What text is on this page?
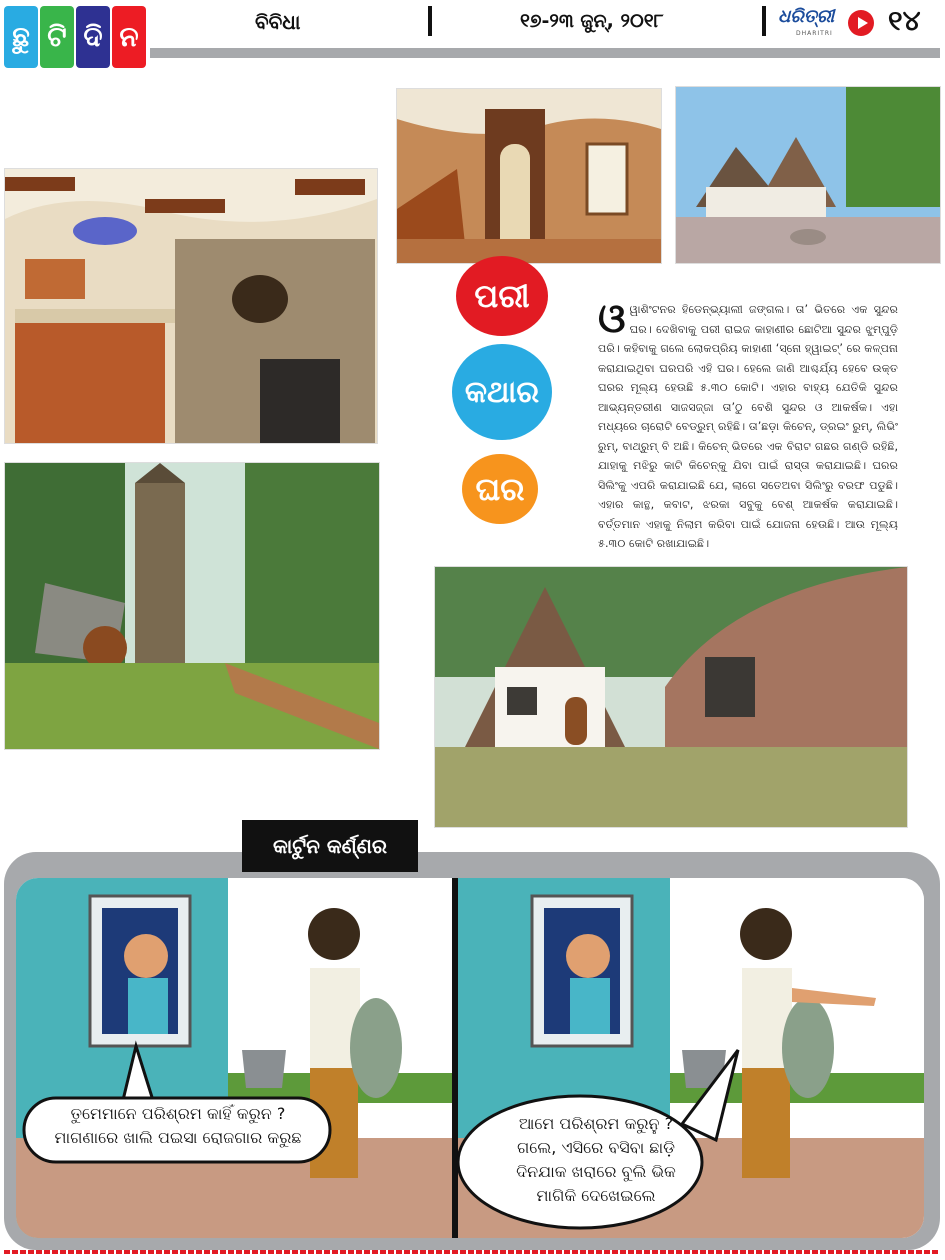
ଛୁ ଟି ଦି ନ	ବିବିଧା	୧୭-୨୩ ଜୁନ୍, ୨୦୧୮	ଧରିତ୍ରୀ
DHARITRI ୧୪
ପରୀ
କଥାର
ଘର
ଓ ୱାଶିଂଟନର ହିଡେନ୍‌ଭ୍ୟାଲୀ ଜଙ୍ଗଲ। ତା’ ଭିତରେ ଏକ ସୁନ୍ଦର ଘର। ଦେଖିବାକୁ ପରୀ ରାଇଜ କାହାଣୀର ଛୋଟିଆ ସୁନ୍ଦର ଝୁମ୍ପୁଡ଼ି ପରି। କହିବାକୁ ଗଲେ ଲୋକପ୍ରିୟ କାହାଣୀ ‘ସ୍ନୋ ହ୍ୱାଇଟ୍’ ରେ କଳ୍ପନା କରାଯାଇଥିବା ଘରପରି ଏହି ଘର। ହେଲେ ଜାଣି ଆଶ୍ଚର୍ଯ୍ୟ ହେବେ ଉକ୍ତ ଘରର ମୂଲ୍ୟ ହେଉଛି ୫.୩୦ କୋଟି। ଏହାର ବାହ୍ୟ ଯେତିକି ସୁନ୍ଦର ଆଭ୍ୟନ୍ତରୀଣ ସାଜସଜ୍ଜା ତା’ଠୁ ବେଶି ସୁନ୍ଦର ଓ ଆକର୍ଷକ। ଏହା ମଧ୍ୟରେ ଚାରୋଟି ବେଡ୍‌ରୁମ୍ ରହିଛି। ତା’ଛଡ଼ା କିଚେନ୍, ଡ୍ରଇଂ ରୁମ୍, ଲିଭିଂ ରୁମ୍, ବାଥ୍‌ରୁମ୍ ବି ଅଛି। କିଚେନ୍ ଭିତରେ ଏକ ବିରାଟ ଗଛର ଗଣ୍ଡି ରହିଛି, ଯାହାକୁ ମଝିରୁ କାଟି କିଚେନ୍‌କୁ ଯିବା ପାଇଁ ରାସ୍ତା କରାଯାଇଛି। ଘରର ସିଲିଂକୁ ଏପରି କରାଯାଇଛି ଯେ, ଲାଗେ ସତେଅବା ସିଲିଂରୁ ବରଫ ପଡୁଛି। ଏହାର କାନ୍ଥ, କବାଟ, ଝରକା ସବୁକୁ ବେଶ୍ ଆକର୍ଷକ କରାଯାଇଛି। ବର୍ତ୍ତମାନ ଏହାକୁ ନିଲାମ କରିବା ପାଇଁ ଯୋଜନା ହେଉଛି। ଆଉ ମୂଲ୍ୟ ୫.୩୦ କୋଟି ରଖାଯାଇଛି।
କାର୍ଟୁନ କର୍ଣ୍ଣର
ତୁମେମାନେ ପରିଶ୍ରମ କାହିଁ କରୁନ ?
ମାଗଣାରେ ଖାଲି ପଇସା ରୋଜଗାର କରୁଛ
ଆମେ ପରିଶ୍ରମ କରୁନୁ ?
ଗଲେ, ଏସିରେ ବସିବା ଛାଡ଼ି
ଦିନଯାକ ଖରାରେ ବୁଲି ଭିକ
ମାଗିକି ଦେଖେଇଲେ
